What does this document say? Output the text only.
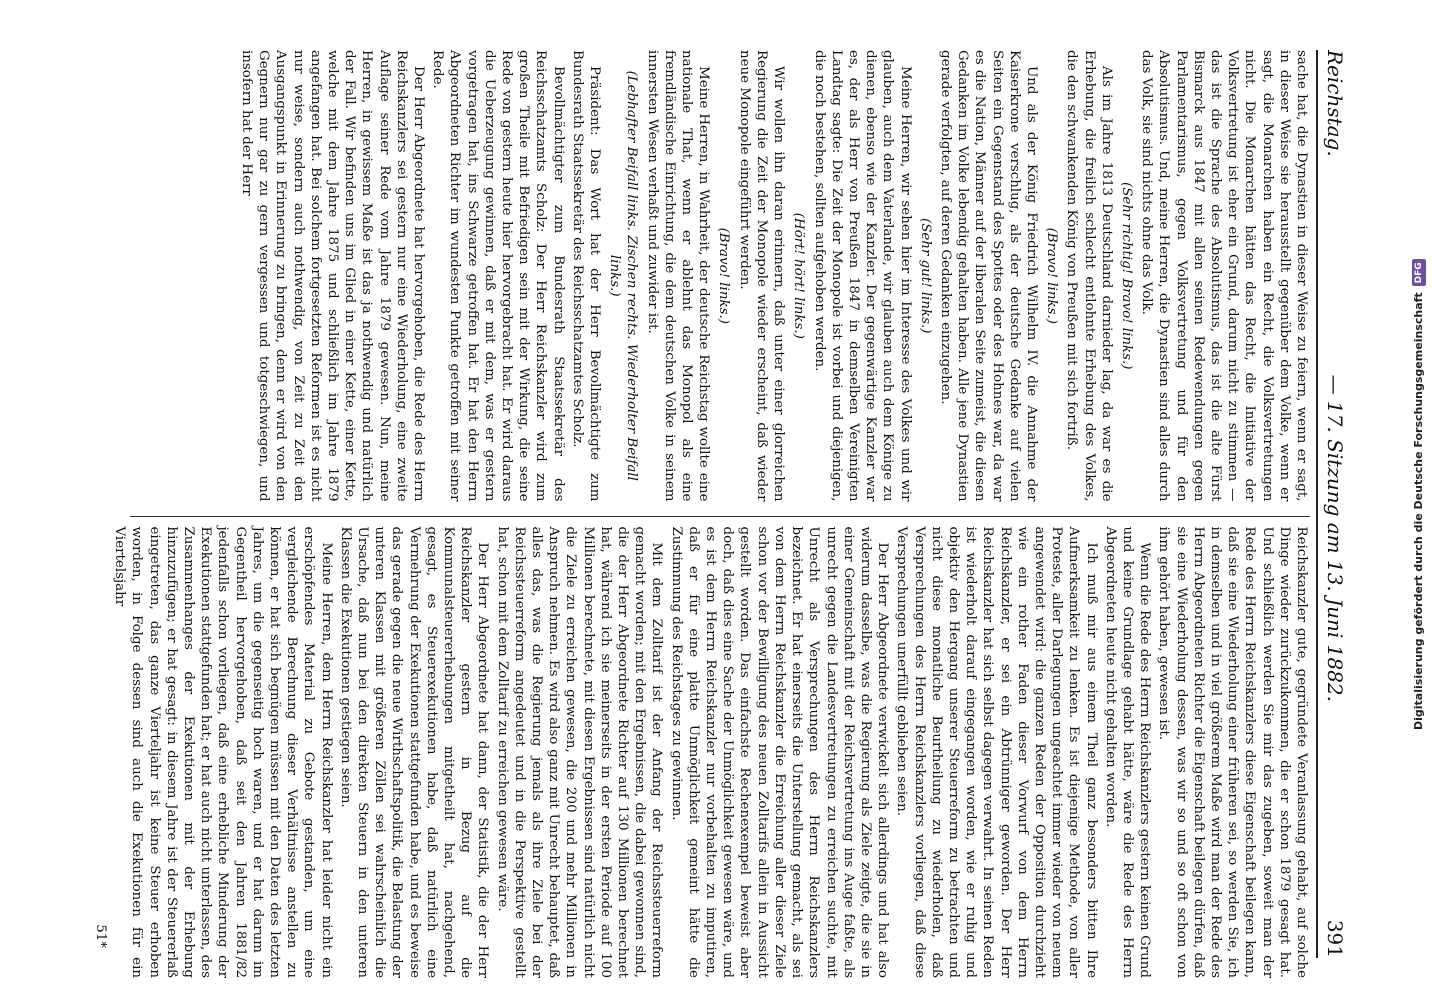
Reichstag.
— 17. Sitzung am 13. Juni 1882.
391

sache hat, die Dynastien in dieser Weise zu feiern, wenn er sagt, in dieser Weise sie herausstellt gegenüber dem Volke, wenn er sagt, die Monarchen haben ein Recht, die Volksvertretungen nicht. Die Monarchen hätten das Recht, die Initiative der Volksvertretung ist eher ein Grund, darum nicht zu stimmen — das ist die Sprache des Absolutismus, das ist die alte Fürst Bismarck aus 1847 mit allen seinen Redewendungen gegen Parlamentarismus, gegen Volksvertretung und für den Absolutismus. Und, meine Herren, die Dynastien sind alles durch das Volk, sie sind nichts ohne das Volk.

(Sehr richtig! Bravo! links.)

Als im Jahre 1813 Deutschland darnieder lag, da war es die Erhebung, die freilich schlecht entlohnte Erhebung des Volkes, die den schwankenden König von Preußen mit sich fortriß.

(Bravo! links.)

Und als der König Friedrich Wilhelm IV. die Annahme der Kaiserkrone verschlug, als der deutsche Gedanke auf vielen Seiten ein Gegenstand des Spottes oder des Hohnes war, da war es die Nation, Männer auf der liberalen Seite zumeist, die diesen Gedanken im Volke lebendig gehalten haben. Alle jene Dynastien gerade verfolgten, auf deren Gedanken einzugehen.

(Sehr gut! links.)

Meine Herren, wir sehen hier im Interesse des Volkes und wir glauben, auch dem Vaterlande, wir glauben auch dem Könige zu dienen, ebenso wie der Kanzler. Der gegenwärtige Kanzler war es, der als Herr von Preußen 1847 in demselben Vereinigten Landtag sagte: Die Zeit der Monopole ist vorbei und diejenigen, die noch bestehen, sollten aufgehoben werden.

(Hört! hört! links.)

Wir wollen ihn daran erinnern, daß unter einer glorreichen Regierung die Zeit der Monopole wieder erscheint, daß wieder neue Monopole eingeführt werden.

(Bravo! links.)

Meine Herren, in Wahrheit, der deutsche Reichstag wollte eine nationale That, wenn er ablehnt das Monopol als eine fremdländische Einrichtung, die dem deutschen Volke in seinem innersten Wesen verhaßt und zuwider ist.

(Lebhafter Beifall links. Zischen rechts. Wiederholter Beifall links.)

Präsident: Das Wort hat der Herr Bevollmächtigte zum Bundesrath Staatssekretär des Reichsschatzamtes Scholz.

Bevollmächtigter zum Bundesrath Staatssekretär des Reichsschatzamts Scholz: Der Herr Reichskanzler wird zum großen Theile mit Befriedigen sein mit der Wirkung, die seine Rede von gestern heute hier hervorgebracht hat. Er wird daraus die Ueberzeugung gewinnen, daß er mit dem, was er gestern vorgetragen hat, ins Schwarze getroffen hat. Er hat den Herrn Abgeordneten Richter im wundesten Punkte getroffen mit seiner Rede.

Der Herr Abgeordnete hat hervorgehoben, die Rede des Herrn Reichskanzlers sei gestern nur eine Wiederholung, eine zweite Auflage seiner Rede vom Jahre 1879 gewesen. Nun, meine Herren, in gewissem Maße ist das ja nothwendig und natürlich der Fall. Wir befinden uns im Glied in einer Kette, einer Kette, welche mit dem Jahre 1875 und schließlich im Jahre 1879 angefangen hat. Bei solchem fortgesetzten Reformen ist es nicht nur weise, sondern auch nothwendig, von Zeit zu Zeit den Ausgangspunkt in Erinnerung zu bringen, denn er wird von den Gegnern nur gar zu gern vergessen und totgeschwiegen, und insofern hat der Herr

Reichskanzler gute, gegründete Veranlassung gehabt, auf solche Dinge wieder zurückzukommen, die er schon 1879 gesagt hat. Und schließlich werden Sie mir das zugeben, soweit man der Rede des Herrn Reichskanzlers diese Eigenschaft beilegen kann, daß sie eine Wiederholung einer früheren sei, so werden Sie, ich in demselben und in viel größerem Maße wird man der Rede des Herrn Abgeordneten Richter die Eigenschaft beilegen dürfen, daß sie eine Wiederholung dessen, was wir so und so oft schon von ihm gehört haben, gewesen ist.

Wenn die Rede des Herrn Reichskanzlers gestern keinen Grund und keine Grundlage gehabt hätte, wäre die Rede des Herrn Abgeordneten heute nicht gehalten worden.

Ich muß mir aus einem Theil ganz besonders bitten Ihre Aufmerksamkeit zu lenken. Es ist diejenige Methode, von aller Proteste, aller Darlegungen ungeachtet immer wieder von neuem angewendet wird: die ganzen Reden der Opposition durchzieht wie ein rother Faden dieser Vorwurf von dem Herrn Reichskanzler, er sei ein Abtrünniger geworden. Der Herr Reichskanzler hat sich selbst dagegen verwahrt. In seinen Reden ist wiederholt darauf eingegangen worden, wie er ruhig und objektiv den Hergang unserer Steuerreform zu betrachten und nicht diese monatliche Beurtheilung zu wiederholen, daß Versprechungen des Herrn Reichskanzlers vorliegen, daß diese Versprechungen unerfüllt geblieben seien.

Der Herr Abgeordnete verwickelt sich allerdings und hat also widerum dasselbe, was die Regierung als Ziele zeigte, die sie in einer Gemeinschaft mit der Reichsvertretung ins Auge faßte, als unrecht gegen die Landesvertretungen zu erreichen suchte, mit Unrecht als Versprechungen des Herrn Reichskanzlers bezeichnet. Er hat einerseits die Unterstellung gemacht, als sei von dem Herrn Reichskanzler die Erreichung aller dieser Ziele schon vor der Bewilligung des neuen Zolltarifs allein in Aussicht gestellt worden. Das einfachste Rechenexempel beweist aber doch, daß dies eine Sache der Unmöglichkeit gewesen wäre, und es ist dem Herrn Reichskanzler nur vorbehalten zu imputiren, daß er für eine platte Unmöglichkeit gemeint hätte die Zustimmung des Reichstages zu gewinnen.

Mit dem Zolltarif ist der Anfang der Reichssteuerreform gemacht worden; mit den Ergebnissen, die dabei gewonnen sind, die der Herr Abgeordnete Richter auf 130 Millionen berechnet hat, während ich sie meinerseits in der ersten Periode auf 100 Millionen berechnete, mit diesen Ergebnissen sind natürlich nicht die Ziele zu erreichen gewesen, die 200 und mehr Millionen in Anspruch nehmen. Es wird also ganz mit Unrecht behauptet, daß alles das, was die Regierung jemals als ihre Ziele bei der Reichssteuerreform angedeutet und in die Perspektive gestellt hat, schon mit dem Zolltarif zu erreichen gewesen wäre.

Der Herr Abgeordnete hat dann, der Statistik, die der Herr Reichskanzler gestern in Bezug auf die Kommunalsteuererhebungen mitgetheilt hat, nachgehend, gesagt, es Steuerexekutionen habe, daß natürlich eine Vermehrung der Exekutionen stattgefunden habe, und es beweise das gerade gegen die neue Wirthschaftspolitik, die Belastung der unteren Klassen mit größeren Zöllen sei wahrscheinlich die Ursache, daß nun bei den direkten Steuern in den unteren Klassen die Exekutionen gestiegen seien.

Meine Herren, dem Herrn Reichskanzler hat leider nicht ein erschöpfendes Material zu Gebote gestanden, um eine vergleichende Berechnung dieser Verhältnisse anstellen zu können, er hat sich begnügen müssen mit den Daten des letzten Jahres, um die gegenseitig hoch waren, und er hat darum im Gegentheil hervorgehoben, daß seit den Jahren 1881/82 jedenfalls schon vorliegen, daß eine erhebliche Minderung der Exekutionen stattgefunden hat; er hat auch nicht unterlassen, des Zusammenhanges der Exekutionen mit der Erhebung hinzuzufügen; er hat gesagt: in diesem Jahre ist der Steuererlaß eingetreten, das ganze Vierteljahr ist keine Steuer erhoben worden, in Folge dessen sind auch die Exekutionen für ein Viertelsjahr

51*

Digitalisierung gefördert durch die Deutsche Forschungsgemeinschaft
DFG
